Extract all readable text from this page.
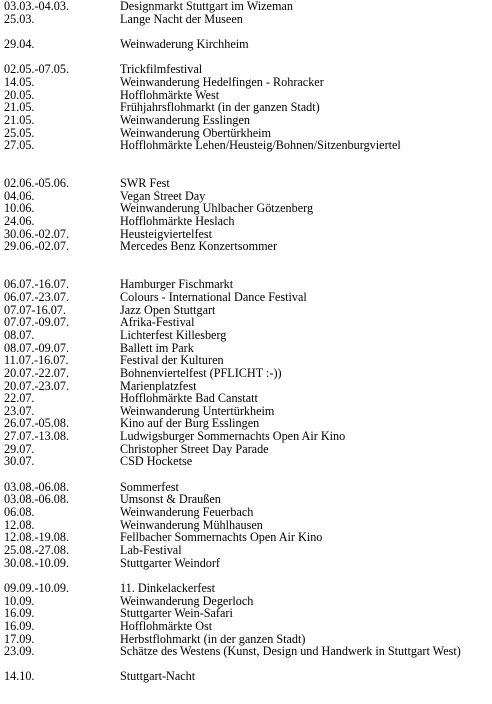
03.03.-04.03.	Designmarkt Stuttgart im Wizeman
25.03.	Lange Nacht der Museen
29.04.	Weinwaderung Kirchheim
02.05.-07.05.	Trickfilmfestival
14.05.	Weinwanderung Hedelfingen - Rohracker
20.05.	Hofflohmärkte West
21.05.	Frühjahrsflohmarkt (in der ganzen Stadt)
21.05.	Weinwanderung Esslingen
25.05.	Weinwanderung Obertürkheim
27.05.	Hofflohmärkte Lehen/Heusteig/Bohnen/Sitzenburgviertel
02.06.-05.06.	SWR Fest
04.06.	Vegan Street Day
10.06.	Weinwanderung Uhlbacher Götzenberg
24.06.	Hofflohmärkte Heslach
30.06.-02.07.	Heusteigviertelfest
29.06.-02.07.	Mercedes Benz Konzertsommer
06.07.-16.07.	Hamburger Fischmarkt
06.07.-23.07.	Colours - International Dance Festival
07.07-16.07.	Jazz Open Stuttgart
07.07.-09.07.	Afrika-Festival
08.07.	Lichterfest Killesberg
08.07.-09.07.	Ballett im Park
11.07.-16.07.	Festival der Kulturen
20.07.-22.07.	Bohnenviertelfest (PFLICHT :-))
20.07.-23.07.	Marienplatzfest
22.07.	Hofflohmärkte Bad Canstatt
23.07.	Weinwanderung Untertürkheim
26.07.-05.08.	Kino auf der Burg Esslingen
27.07.-13.08.	Ludwigsburger Sommernachts Open Air Kino
29.07.	Christopher Street Day Parade
30.07.	CSD Hocketse
03.08.-06.08.	Sommerfest
03.08.-06.08.	Umsonst & Draußen
06.08.	Weinwanderung Feuerbach
12.08.	Weinwanderung Mühlhausen
12.08.-19.08.	Fellbacher Sommernachts Open Air Kino
25.08.-27.08.	Lab-Festival
30.08.-10.09.	Stuttgarter Weindorf
09.09.-10.09.	11. Dinkelackerfest
10.09.	Weinwanderung Degerloch
16.09.	Stuttgarter Wein-Safari
16.09.	Hofflohmärkte Ost
17.09.	Herbstflohmarkt (in der ganzen Stadt)
23.09.	Schätze des Westens (Kunst, Design und Handwerk in Stuttgart West)
14.10.	Stuttgart-Nacht
